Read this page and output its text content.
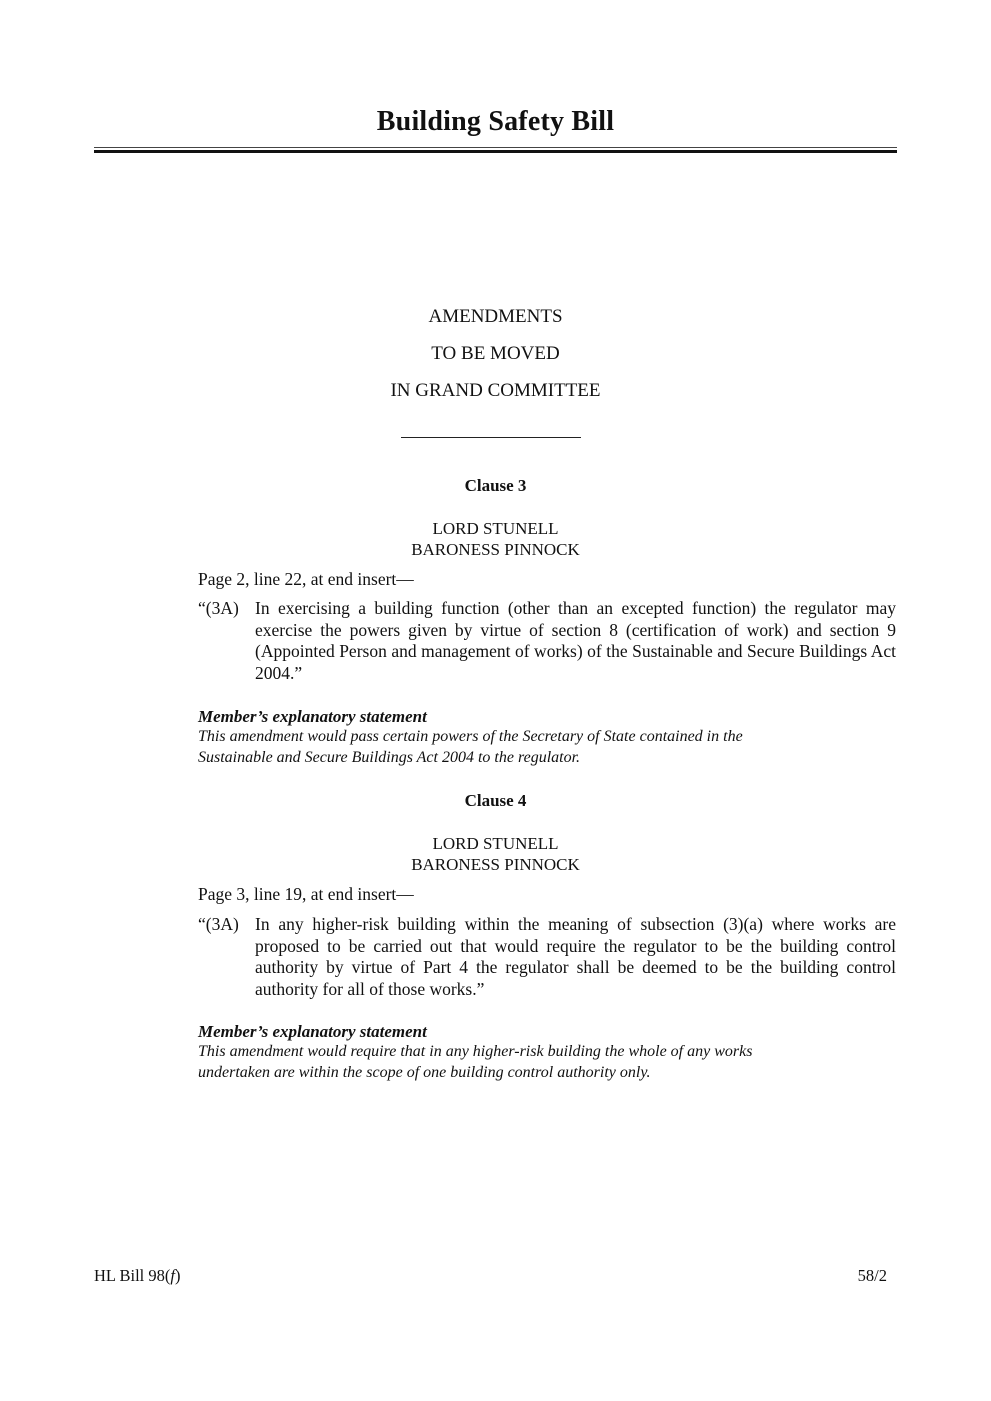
Building Safety Bill
AMENDMENTS
TO BE MOVED
IN GRAND COMMITTEE
Clause 3
LORD STUNELL
BARONESS PINNOCK
Page 2, line 22, at end insert—
“(3A) In exercising a building function (other than an excepted function) the regulator may exercise the powers given by virtue of section 8 (certification of work) and section 9 (Appointed Person and management of works) of the Sustainable and Secure Buildings Act 2004.”
Member’s explanatory statement
This amendment would pass certain powers of the Secretary of State contained in the
Sustainable and Secure Buildings Act 2004 to the regulator.
Clause 4
LORD STUNELL
BARONESS PINNOCK
Page 3, line 19, at end insert—
“(3A) In any higher-risk building within the meaning of subsection (3)(a) where works are proposed to be carried out that would require the regulator to be the building control authority by virtue of Part 4 the regulator shall be deemed to be the building control authority for all of those works.”
Member’s explanatory statement
This amendment would require that in any higher-risk building the whole of any works
undertaken are within the scope of one building control authority only.
HL Bill 98(f)	58/2
